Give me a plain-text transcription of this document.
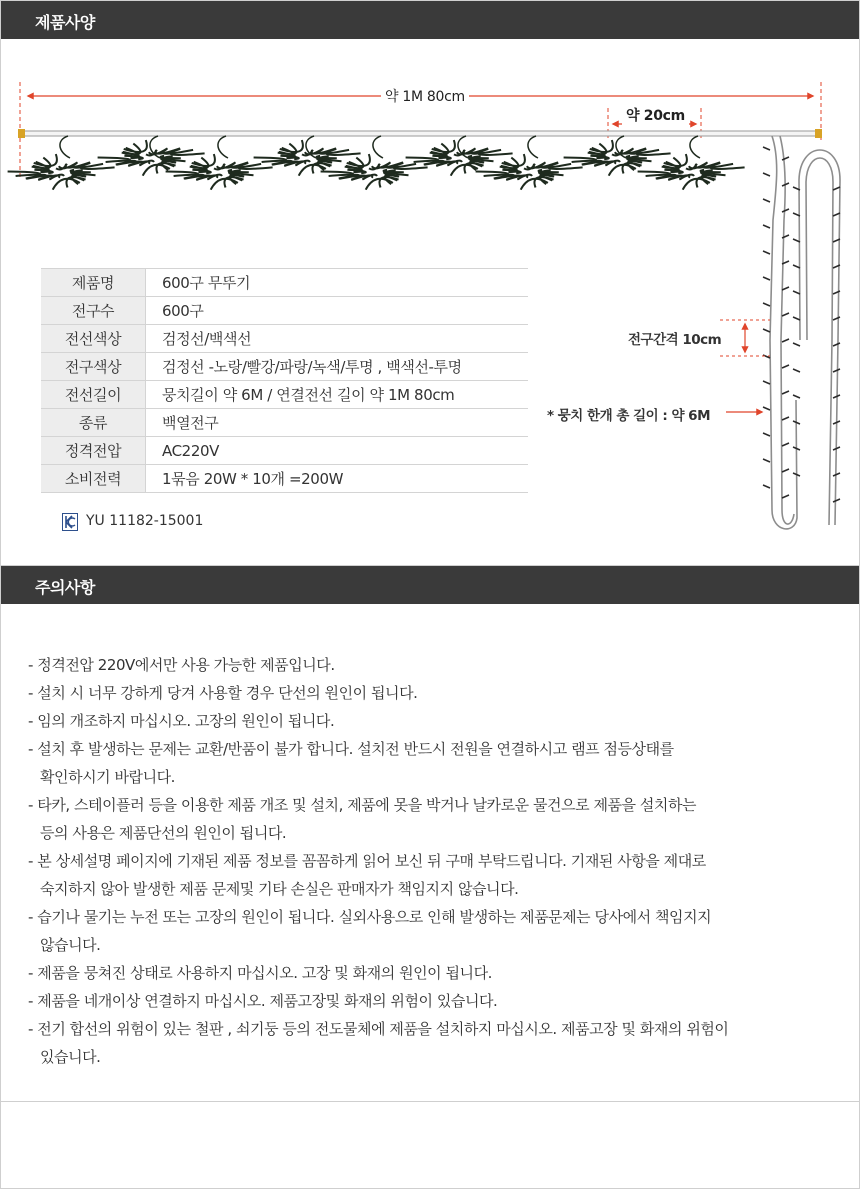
제품사양
약 1M 80cm
약 20cm
전구간격 10cm
* 뭉치 한개 총 길이 : 약 6M
제품명	600구 무뚜기
전구수	600구
전선색상	검정선/백색선
전구색상	검정선 -노랑/빨강/파랑/녹색/투명 , 백색선-투명
전선길이	뭉치길이 약 6M / 연결전선 길이 약 1M 80cm
종류	백열전구
정격전압	AC220V
소비전력	1묶음 20W * 10개 =200W
YU 11182-15001
주의사항
- 정격전압 220V에서만 사용 가능한 제품입니다.
- 설치 시 너무 강하게 당겨 사용할 경우 단선의 원인이 됩니다.
- 임의 개조하지 마십시오. 고장의 원인이 됩니다.
- 설치 후 발생하는 문제는 교환/반품이 불가 합니다. 설치전 반드시 전원을 연결하시고 램프 점등상태를
확인하시기 바랍니다.
- 타카, 스테이플러 등을 이용한 제품 개조 및 설치, 제품에 못을 박거나 날카로운 물건으로 제품을 설치하는
등의 사용은 제품단선의 원인이 됩니다.
- 본 상세설명 페이지에 기재된 제품 정보를 꼼꼼하게 읽어 보신 뒤 구매 부탁드립니다. 기재된 사항을 제대로
숙지하지 않아 발생한 제품 문제및 기타 손실은 판매자가 책임지지 않습니다.
- 습기나 물기는 누전 또는 고장의 원인이 됩니다. 실외사용으로 인해 발생하는 제품문제는 당사에서 책임지지
않습니다.
- 제품을 뭉쳐진 상태로 사용하지 마십시오. 고장 및 화재의 원인이 됩니다.
- 제품을 네개이상 연결하지 마십시오. 제품고장및 화재의 위험이 있습니다.
- 전기 합선의 위험이 있는 철판 , 쇠기둥 등의 전도물체에 제품을 설치하지 마십시오. 제품고장 및 화재의 위험이
있습니다.
